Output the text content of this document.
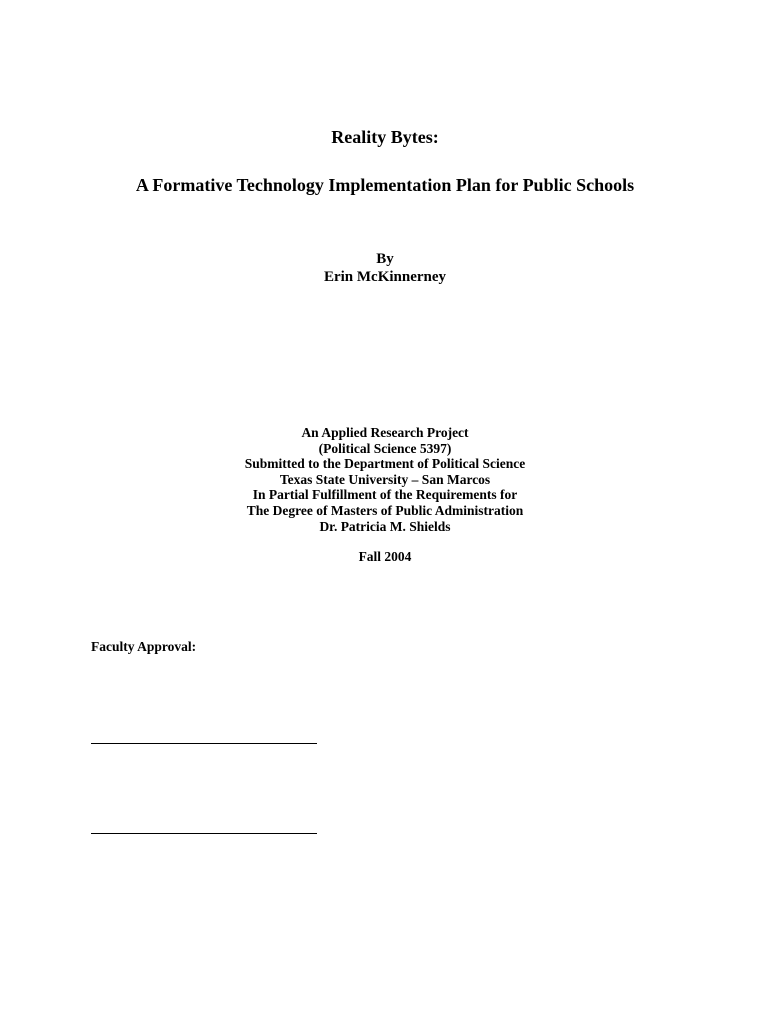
Reality Bytes:
A Formative Technology Implementation Plan for Public Schools
By
Erin McKinnerney
An Applied Research Project
(Political Science 5397)
Submitted to the Department of Political Science
Texas State University – San Marcos
In Partial Fulfillment of the Requirements for
The Degree of Masters of Public Administration
Dr. Patricia M. Shields
Fall 2004
Faculty Approval:
